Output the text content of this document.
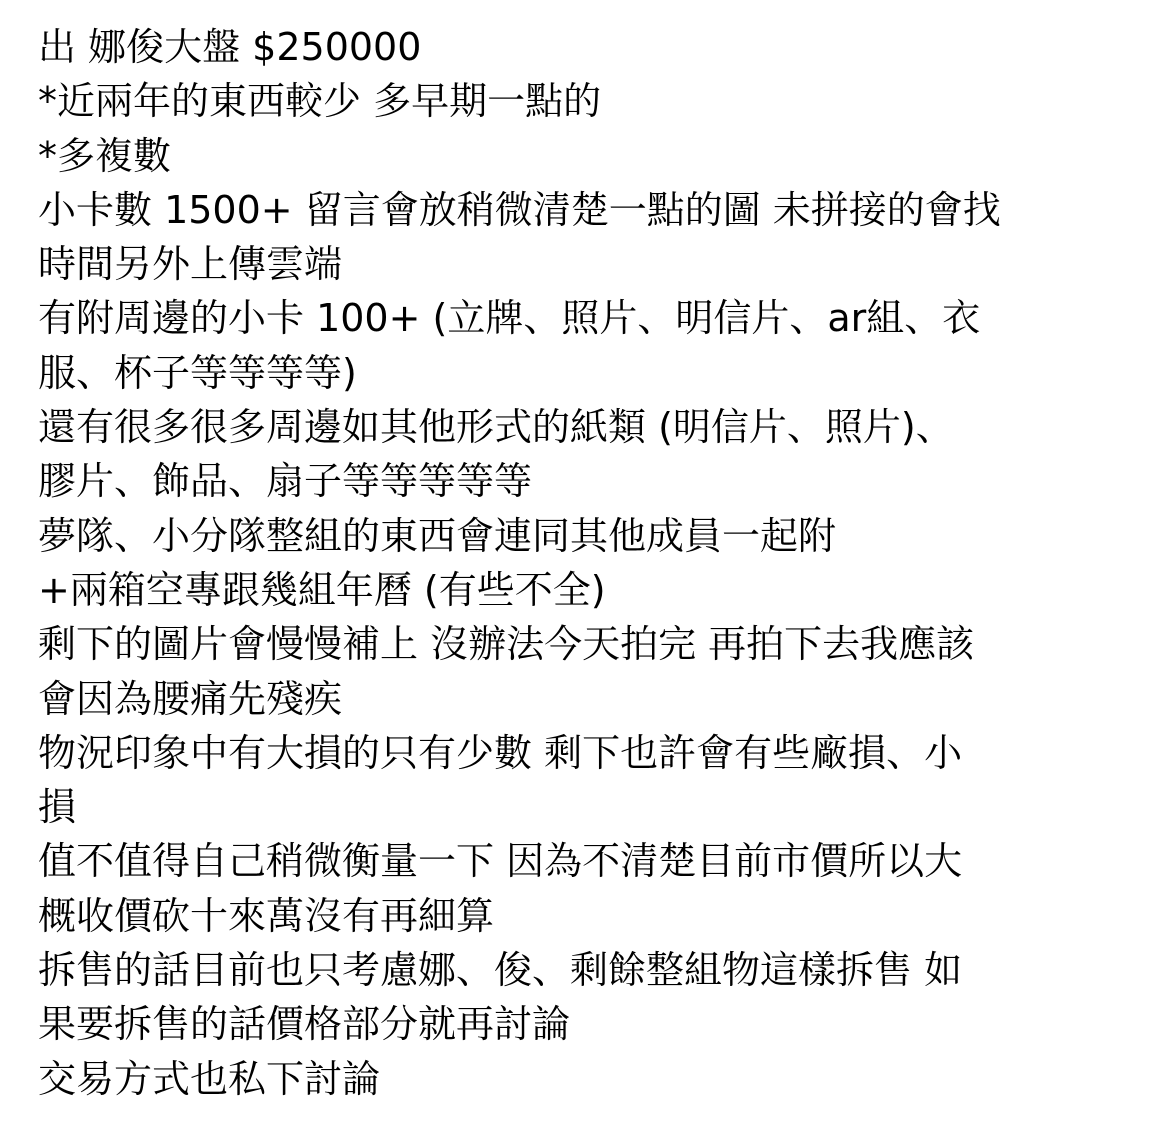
出 娜俊大盤 $250000
*近兩年的東西較少 多早期一點的
*多複數
小卡數 1500+ 留言會放稍微清楚一點的圖 未拼接的會找
時間另外上傳雲端
有附周邊的小卡 100+ (立牌、照片、明信片、ar組、衣
服、杯子等等等等)
還有很多很多周邊如其他形式的紙類 (明信片、照片)、
膠片、飾品、扇子等等等等等
夢隊、小分隊整組的東西會連同其他成員一起附
+兩箱空專跟幾組年曆 (有些不全)
剩下的圖片會慢慢補上 沒辦法今天拍完 再拍下去我應該
會因為腰痛先殘疾
物況印象中有大損的只有少數 剩下也許會有些廠損、小
損
值不值得自己稍微衡量一下 因為不清楚目前市價所以大
概收價砍十來萬沒有再細算
拆售的話目前也只考慮娜、俊、剩餘整組物這樣拆售 如
果要拆售的話價格部分就再討論
交易方式也私下討論
